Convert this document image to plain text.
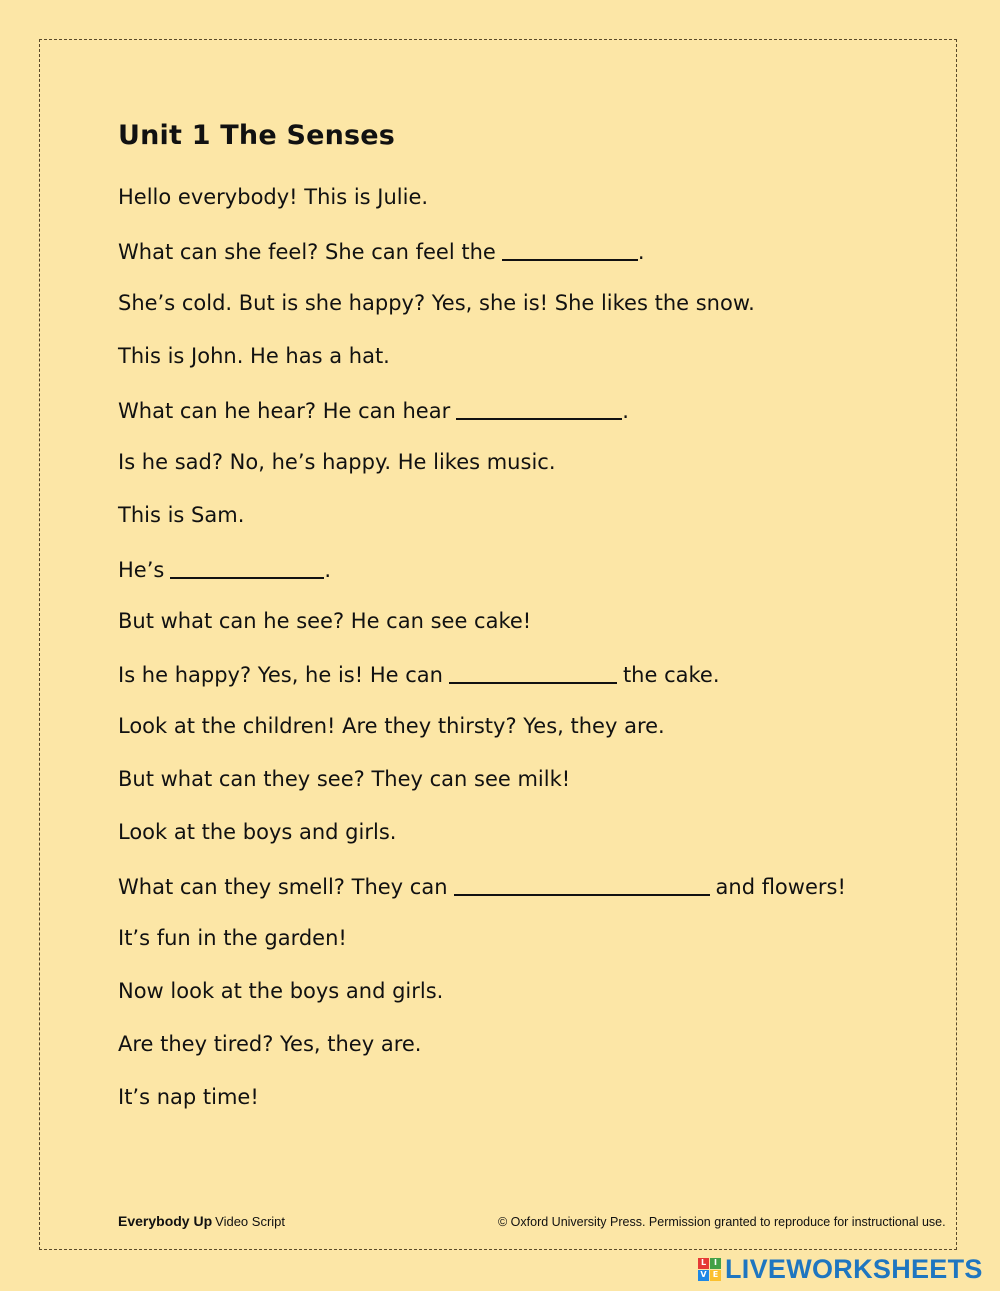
Unit 1 The Senses
Hello everybody! This is Julie.
What can she feel? She can feel the	.
She’s cold. But is she happy? Yes, she is! She likes the snow.
This is John. He has a hat.
What can he hear? He can hear	.
Is he sad? No, he’s happy. He likes music.
This is Sam.
He’s	.
But what can he see? He can see cake!
Is he happy? Yes, he is! He can	the cake.
Look at the children! Are they thirsty? Yes, they are.
But what can they see? They can see milk!
Look at the boys and girls.
What can they smell? They can	and flowers!
It’s fun in the garden!
Now look at the boys and girls.
Are they tired? Yes, they are.
It’s nap time!
Everybody Up Video Script	© Oxford University Press. Permission granted to reproduce for instructional use.
L I
V E LIVEWORKSHEETS
